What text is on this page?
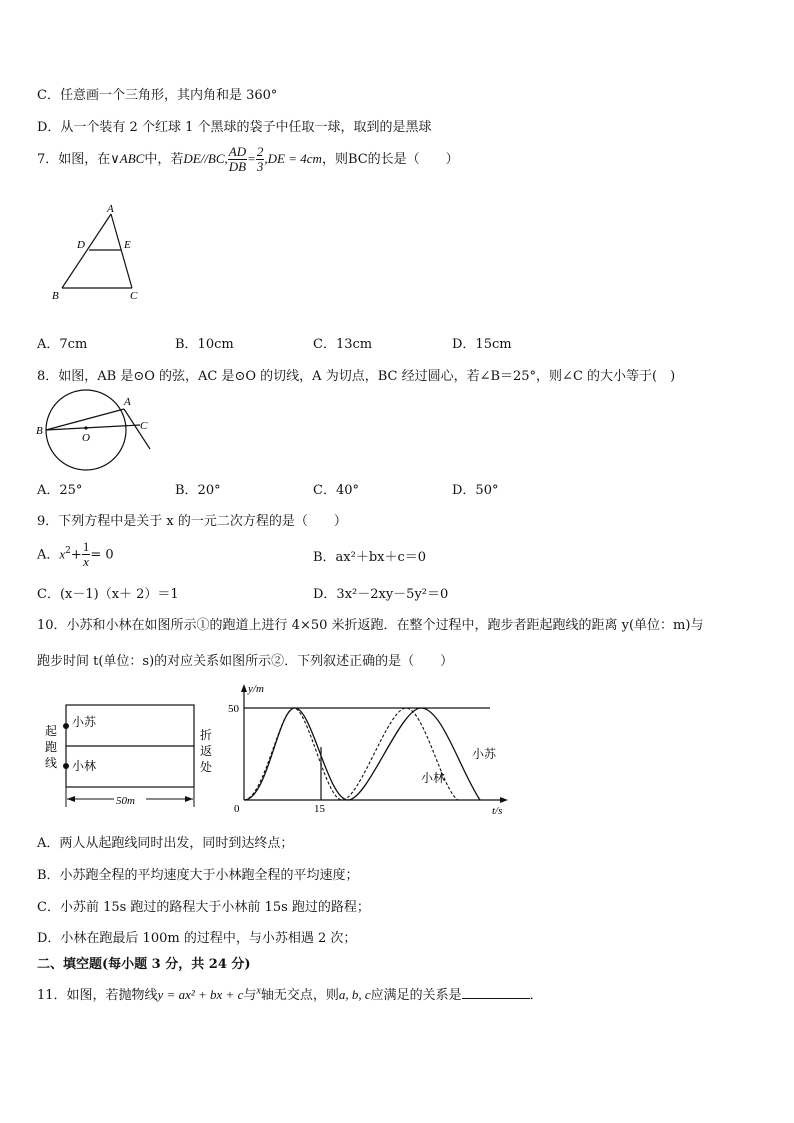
C．任意画一个三角形，其内角和是 360°
D．从一个装有 2 个红球 1 个黑球的袋子中任取一球，取到的是黑球
7．如图，在∨ABC中，若DE//BC, $\frac{AD}{DB} = \frac{2}{3} ,DE = 4cm$，则BC的长是（　　）
A
D	E
B	C
A．7cm	B．10cm	C．13cm	D．15cm
8．如图，AB 是⊙O 的弦，AC 是⊙O 的切线，A 为切点，BC 经过圆心，若∠B＝25°，则∠C 的大小等于(　)
A
B
O
C
A．25°	B．20°	C．40°	D．50°
9．下列方程中是关于 x 的一元二次方程的是（　　）
A．$x^2+ \frac{1}{x} = 0$	B．ax²＋bx＋c＝0
C．(x－1)（x＋ 2）＝1	D．3x²－2xy－5y²＝0
10．小苏和小林在如图所示①的跑道上进行 4×50 米折返跑．在整个过程中，跑步者距起跑线的距离 y(单位：m)与
跑步时间 t(单位：s)的对应关系如图所示②．下列叙述正确的是（　　）
小苏
小林
起
跑
线
折
返
处
50m
y/m
t/s
50
15
0
小苏
小林
A．两人从起跑线同时出发，同时到达终点；
B．小苏跑全程的平均速度大于小林跑全程的平均速度；
C．小苏前 15s 跑过的路程大于小林前 15s 跑过的路程；
D．小林在跑最后 100m 的过程中，与小苏相遇 2 次；
二、填空题(每小题 3 分，共 24 分)
11．如图，若抛物线y = ax² + bx + c与$^x$轴无交点，则a, b, c应满足的关系是	．
